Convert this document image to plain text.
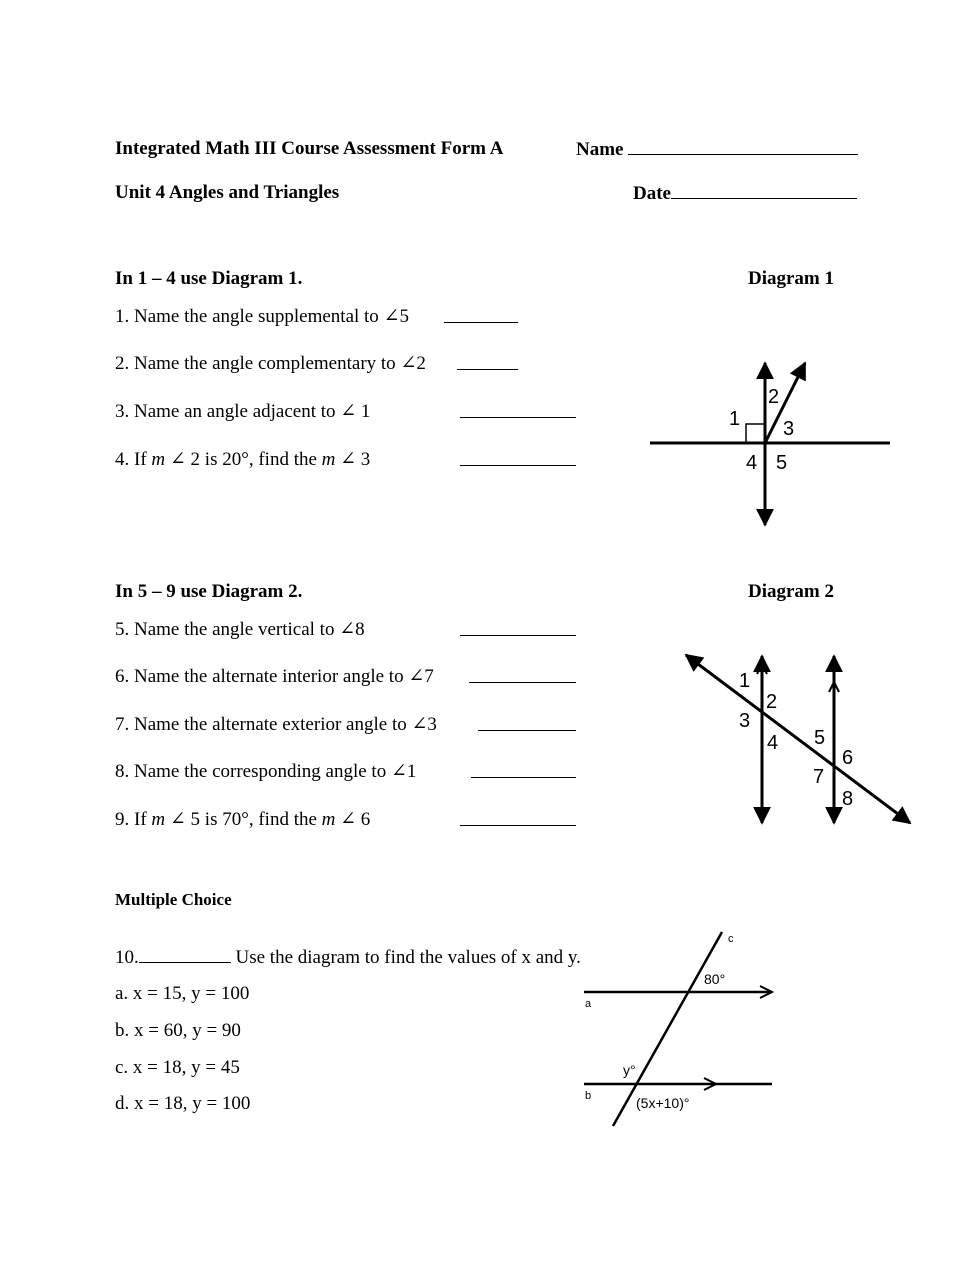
Integrated Math III Course Assessment Form A	Name
Unit 4 Angles and Triangles	Date
In 1 – 4 use Diagram 1.	Diagram 1
1. Name the angle supplemental to ∠5
2. Name the angle complementary to ∠2
3. Name an angle adjacent to ∠ 1
4. If m ∠ 2 is 20°, find the m ∠ 3
1
2
3
4 5
In 5 – 9 use Diagram 2.	Diagram 2
5. Name the angle vertical to ∠8
6. Name the alternate interior angle to ∠7
7. Name the alternate exterior angle to ∠3
8. Name the corresponding angle to ∠1
9. If m ∠ 5 is 70°, find the m ∠ 6
1
2
3
4 5
6
7
8
Multiple Choice
10.	Use the diagram to find the values of x and y.
a. x = 15, y = 100
b. x = 60, y = 90
c. x = 18, y = 45
d. x = 18, y = 100
c
a
b
80°
y°
(5x+10)°
